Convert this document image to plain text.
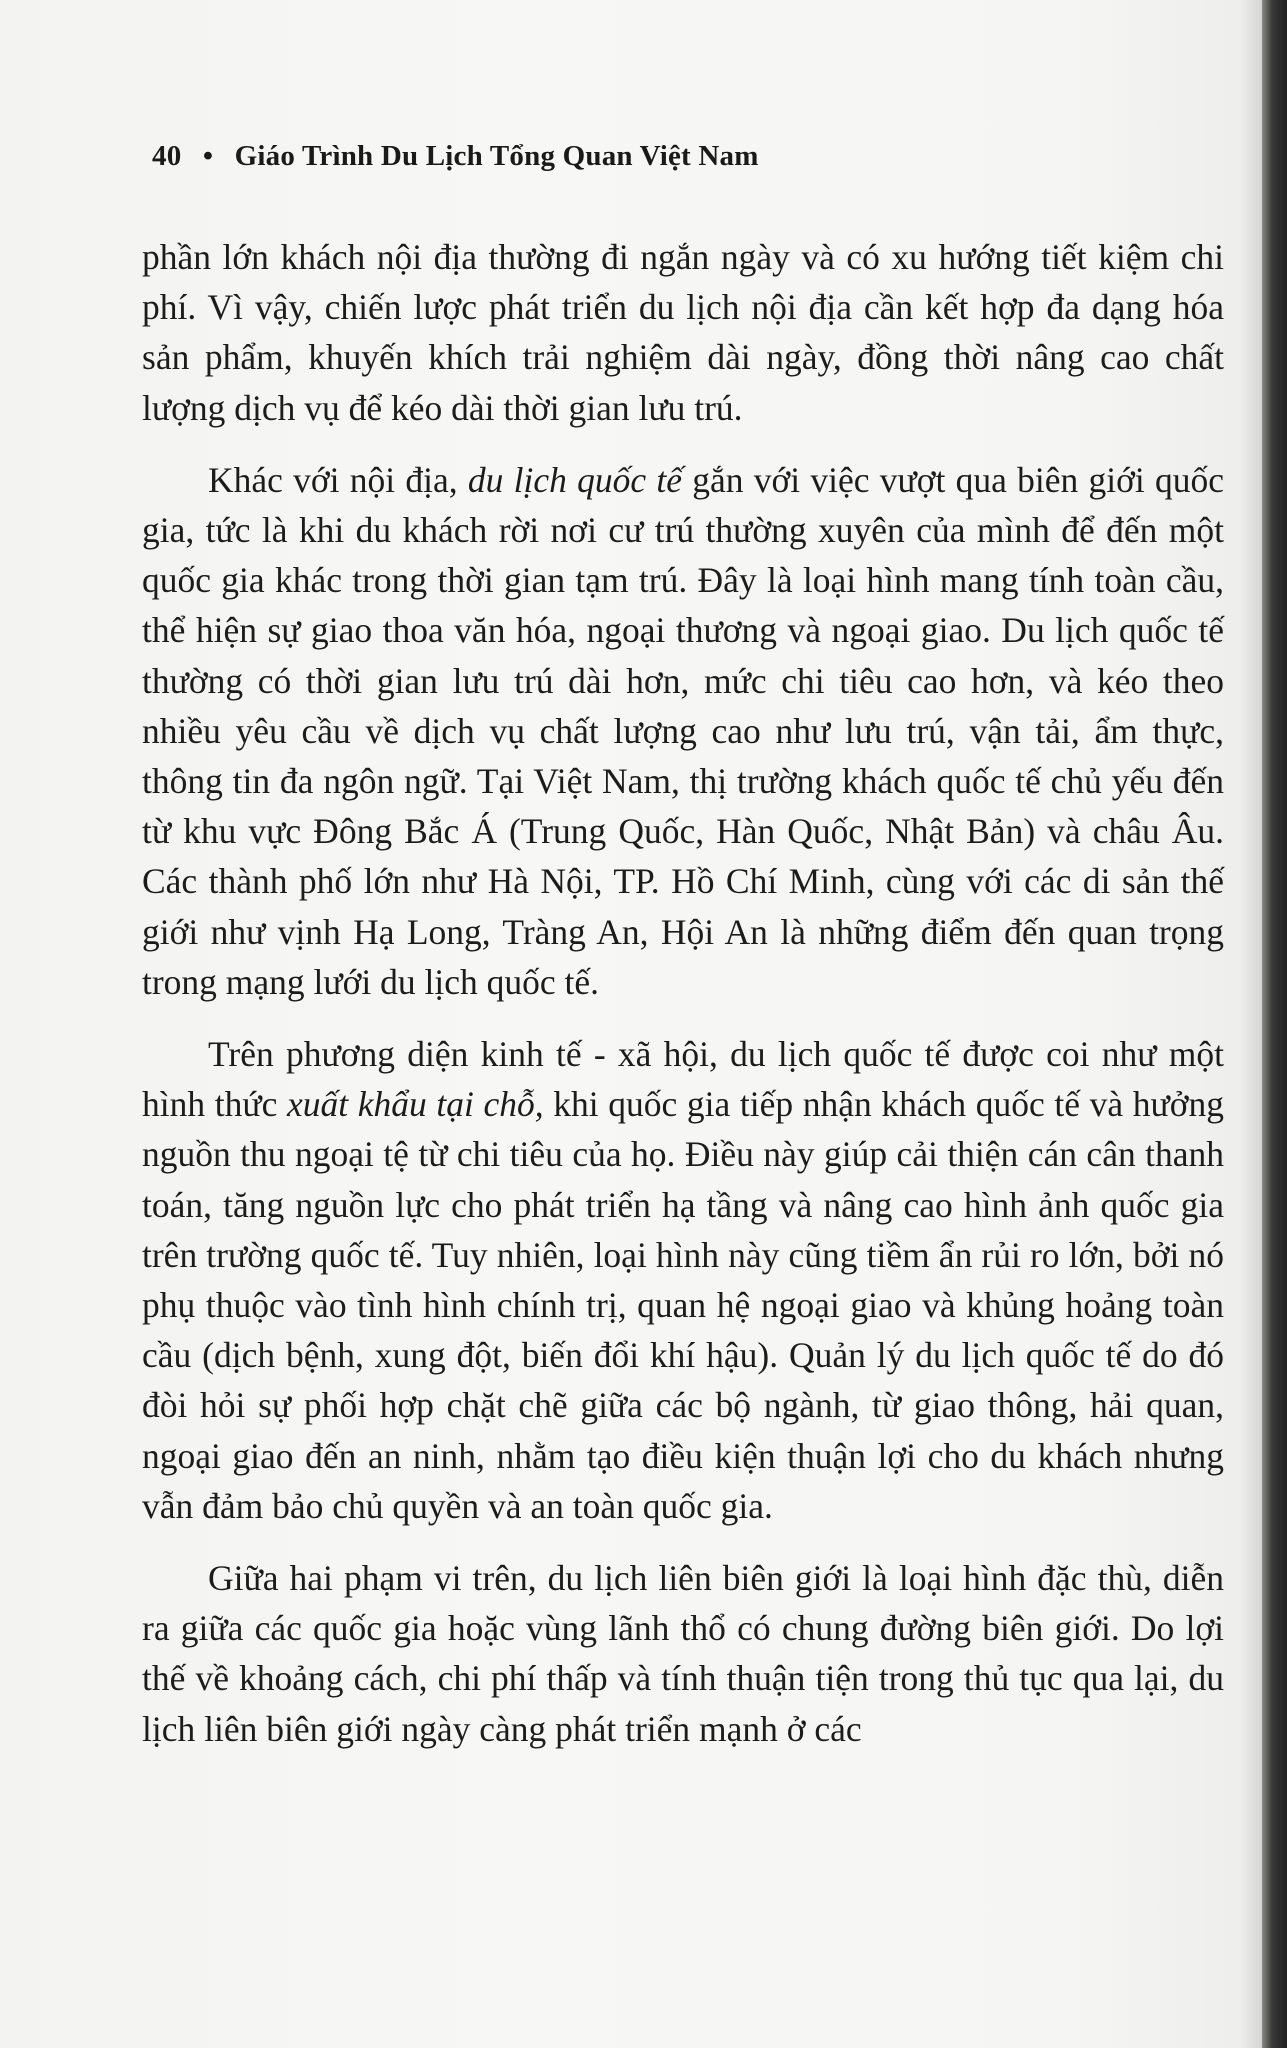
40 • Giáo Trình Du Lịch Tổng Quan Việt Nam

phần lớn khách nội địa thường đi ngắn ngày và có xu hướng tiết kiệm chi phí. Vì vậy, chiến lược phát triển du lịch nội địa cần kết hợp đa dạng hóa sản phẩm, khuyến khích trải nghiệm dài ngày, đồng thời nâng cao chất lượng dịch vụ để kéo dài thời gian lưu trú.

Khác với nội địa, du lịch quốc tế gắn với việc vượt qua biên giới quốc gia, tức là khi du khách rời nơi cư trú thường xuyên của mình để đến một quốc gia khác trong thời gian tạm trú. Đây là loại hình mang tính toàn cầu, thể hiện sự giao thoa văn hóa, ngoại thương và ngoại giao. Du lịch quốc tế thường có thời gian lưu trú dài hơn, mức chi tiêu cao hơn, và kéo theo nhiều yêu cầu về dịch vụ chất lượng cao như lưu trú, vận tải, ẩm thực, thông tin đa ngôn ngữ. Tại Việt Nam, thị trường khách quốc tế chủ yếu đến từ khu vực Đông Bắc Á (Trung Quốc, Hàn Quốc, Nhật Bản) và châu Âu. Các thành phố lớn như Hà Nội, TP. Hồ Chí Minh, cùng với các di sản thế giới như vịnh Hạ Long, Tràng An, Hội An là những điểm đến quan trọng trong mạng lưới du lịch quốc tế.

Trên phương diện kinh tế - xã hội, du lịch quốc tế được coi như một hình thức xuất khẩu tại chỗ, khi quốc gia tiếp nhận khách quốc tế và hưởng nguồn thu ngoại tệ từ chi tiêu của họ. Điều này giúp cải thiện cán cân thanh toán, tăng nguồn lực cho phát triển hạ tầng và nâng cao hình ảnh quốc gia trên trường quốc tế. Tuy nhiên, loại hình này cũng tiềm ẩn rủi ro lớn, bởi nó phụ thuộc vào tình hình chính trị, quan hệ ngoại giao và khủng hoảng toàn cầu (dịch bệnh, xung đột, biến đổi khí hậu). Quản lý du lịch quốc tế do đó đòi hỏi sự phối hợp chặt chẽ giữa các bộ ngành, từ giao thông, hải quan, ngoại giao đến an ninh, nhằm tạo điều kiện thuận lợi cho du khách nhưng vẫn đảm bảo chủ quyền và an toàn quốc gia.

Giữa hai phạm vi trên, du lịch liên biên giới là loại hình đặc thù, diễn ra giữa các quốc gia hoặc vùng lãnh thổ có chung đường biên giới. Do lợi thế về khoảng cách, chi phí thấp và tính thuận tiện trong thủ tục qua lại, du lịch liên biên giới ngày càng phát triển mạnh ở các
